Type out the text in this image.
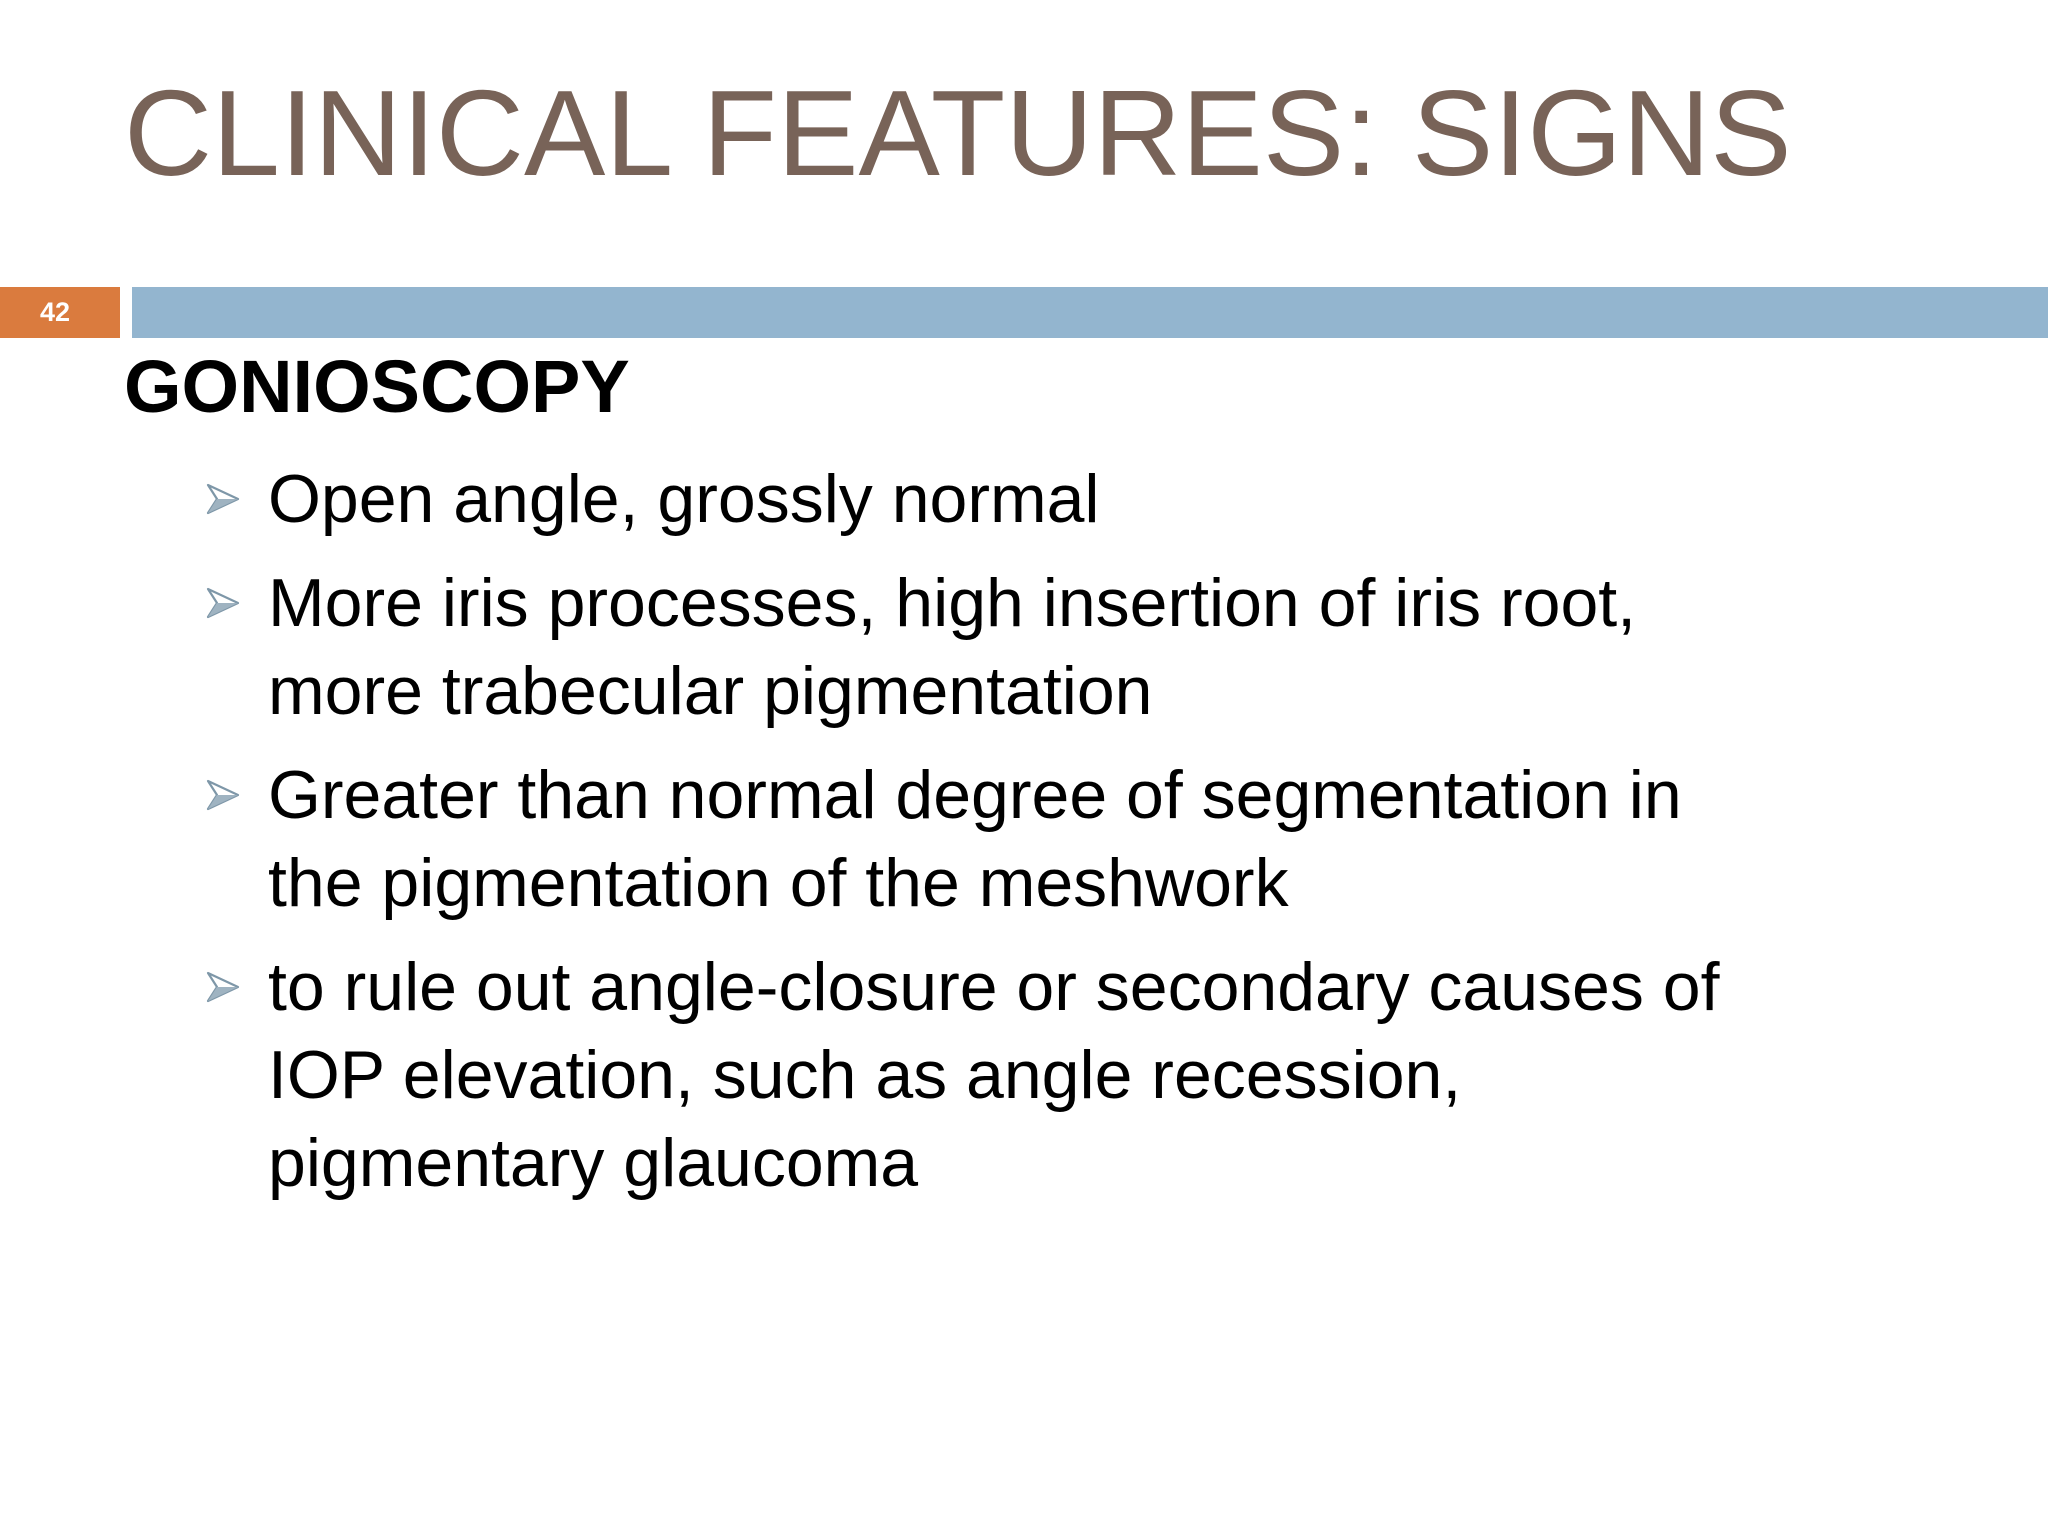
CLINICAL FEATURES: SIGNS
42
GONIOSCOPY
Open angle, grossly normal
More iris processes, high insertion of iris root,
more trabecular pigmentation
Greater than normal degree of segmentation in
the pigmentation of the meshwork
to rule out angle-closure or secondary causes of
IOP elevation, such as angle recession,
pigmentary glaucoma
